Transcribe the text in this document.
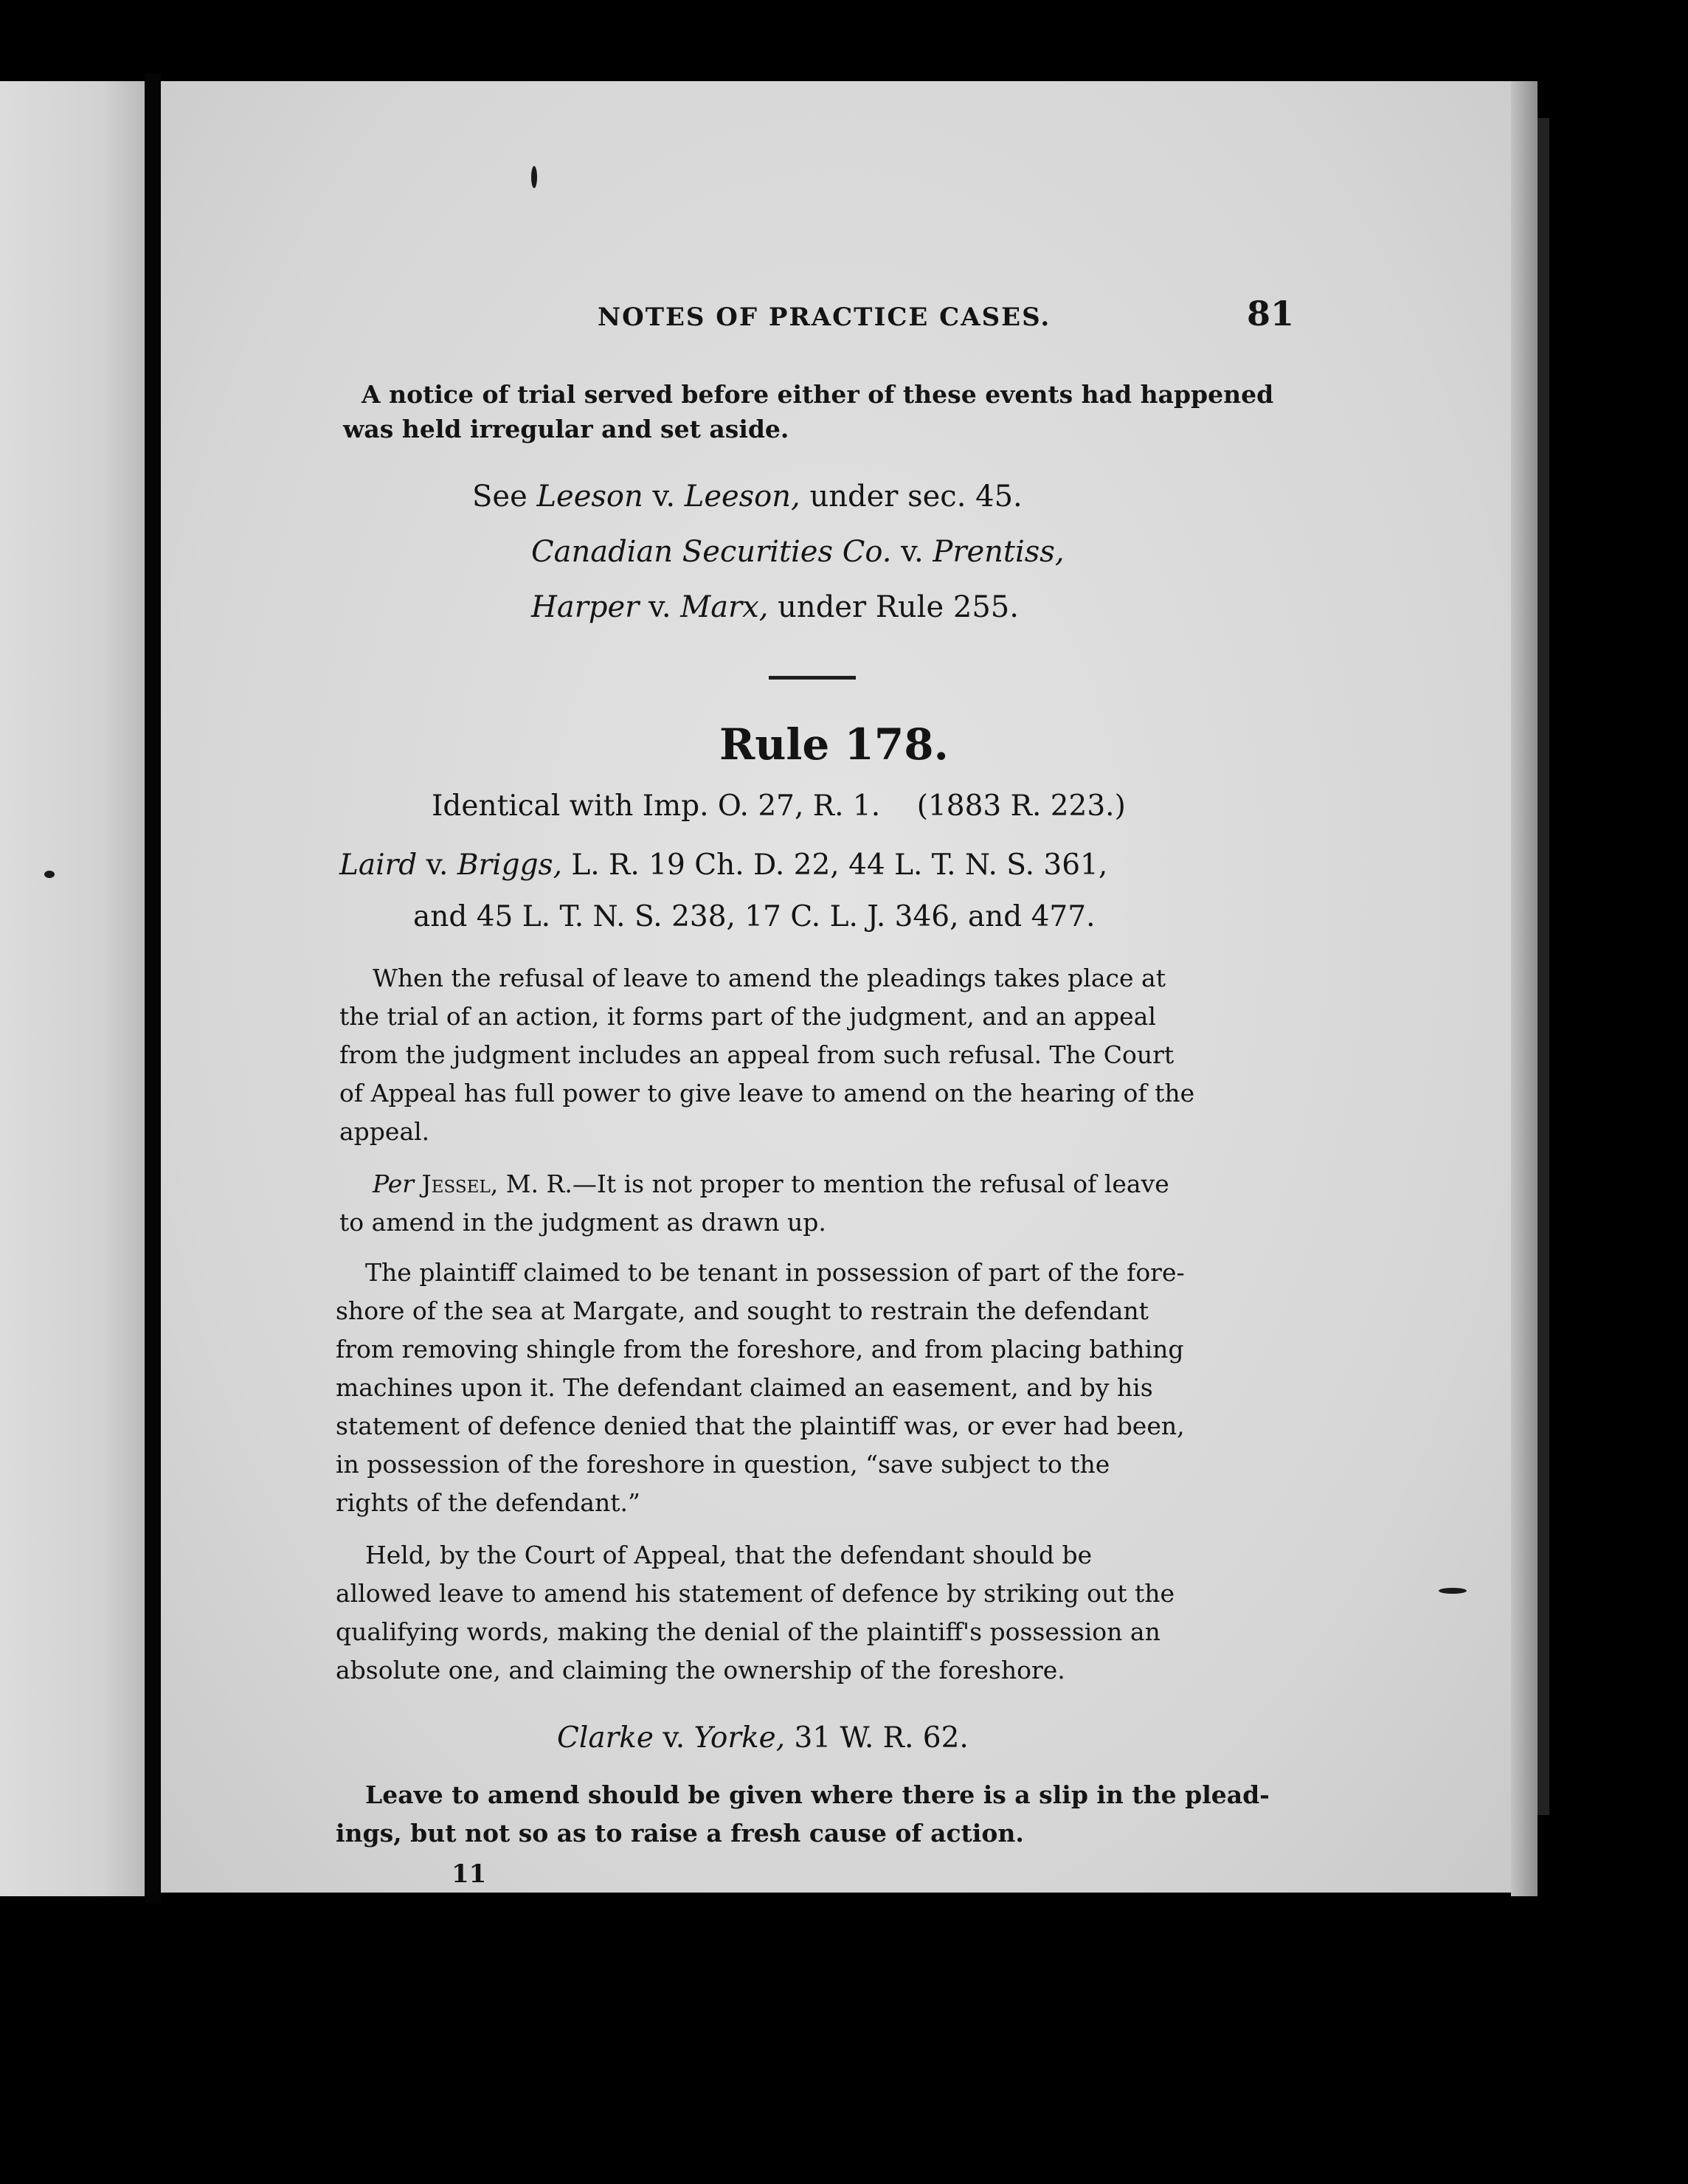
NOTES OF PRACTICE CASES.	81
A notice of trial served before either of these events had happened
was held irregular and set aside.
See Leeson v. Leeson, under sec. 45.
Canadian Securities Co. v. Prentiss,
Harper v. Marx, under Rule 255.
Rule 178.
Identical with Imp. O. 27, R. 1.    (1883 R. 223.)
Laird v. Briggs, L. R. 19 Ch. D. 22, 44 L. T. N. S. 361,
and 45 L. T. N. S. 238, 17 C. L. J. 346, and 477.
When the refusal of leave to amend the pleadings takes place at
the trial of an action, it forms part of the judgment, and an appeal
from the judgment includes an appeal from such refusal. The Court
of Appeal has full power to give leave to amend on the hearing of the
appeal.
Per Jessel, M. R.—It is not proper to mention the refusal of leave
to amend in the judgment as drawn up.
The plaintiff claimed to be tenant in possession of part of the fore-
shore of the sea at Margate, and sought to restrain the defendant
from removing shingle from the foreshore, and from placing bathing
machines upon it. The defendant claimed an easement, and by his
statement of defence denied that the plaintiff was, or ever had been,
in possession of the foreshore in question, “save subject to the
rights of the defendant.”
Held, by the Court of Appeal, that the defendant should be
allowed leave to amend his statement of defence by striking out the
qualifying words, making the denial of the plaintiff's possession an
absolute one, and claiming the ownership of the foreshore.
Clarke v. Yorke, 31 W. R. 62.
Leave to amend should be given where there is a slip in the plead-
ings, but not so as to raise a fresh cause of action.
11
